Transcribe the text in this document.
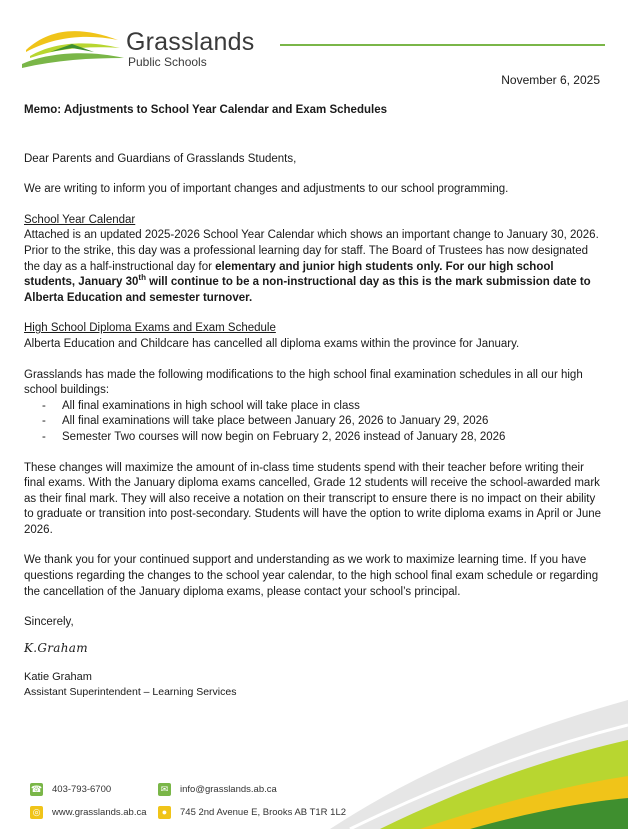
Grasslands
Public Schools
November 6, 2025

Memo: Adjustments to School Year Calendar and Exam Schedules

Dear Parents and Guardians of Grasslands Students,

We are writing to inform you of important changes and adjustments to our school programming.

School Year Calendar

Attached is an updated 2025-2026 School Year Calendar which shows an important change to January 30, 2026. Prior to the strike, this day was a professional learning day for staff. The Board of Trustees has now designated the day as a half-instructional day for elementary and junior high students only. For our high school students, January 30th will continue to be a non-instructional day as this is the mark submission date to Alberta Education and semester turnover.

High School Diploma Exams and Exam Schedule

Alberta Education and Childcare has cancelled all diploma exams within the province for January.

Grasslands has made the following modifications to the high school final examination schedules in all our high school buildings:

- All final examinations in high school will take place in class
- All final examinations will take place between January 26, 2026 to January 29, 2026
- Semester Two courses will now begin on February 2, 2026 instead of January 28, 2026

These changes will maximize the amount of in-class time students spend with their teacher before writing their final exams. With the January diploma exams cancelled, Grade 12 students will receive the school-awarded mark as their final mark. They will also receive a notation on their transcript to ensure there is no impact on their ability to graduate or transition into post-secondary. Students will have the option to write diploma exams in April or June 2026.

We thank you for your continued support and understanding as we work to maximize learning time. If you have questions regarding the changes to the school year calendar, to the high school final exam schedule or regarding the cancellation of the January diploma exams, please contact your school’s principal.

Sincerely,

K.Graham

Katie Graham

Assistant Superintendent – Learning Services

☎ 403-793-6700	✉ info@grasslands.ab.ca
◎ www.grasslands.ab.ca	●	745 2nd Avenue E, Brooks AB T1R 1L2
